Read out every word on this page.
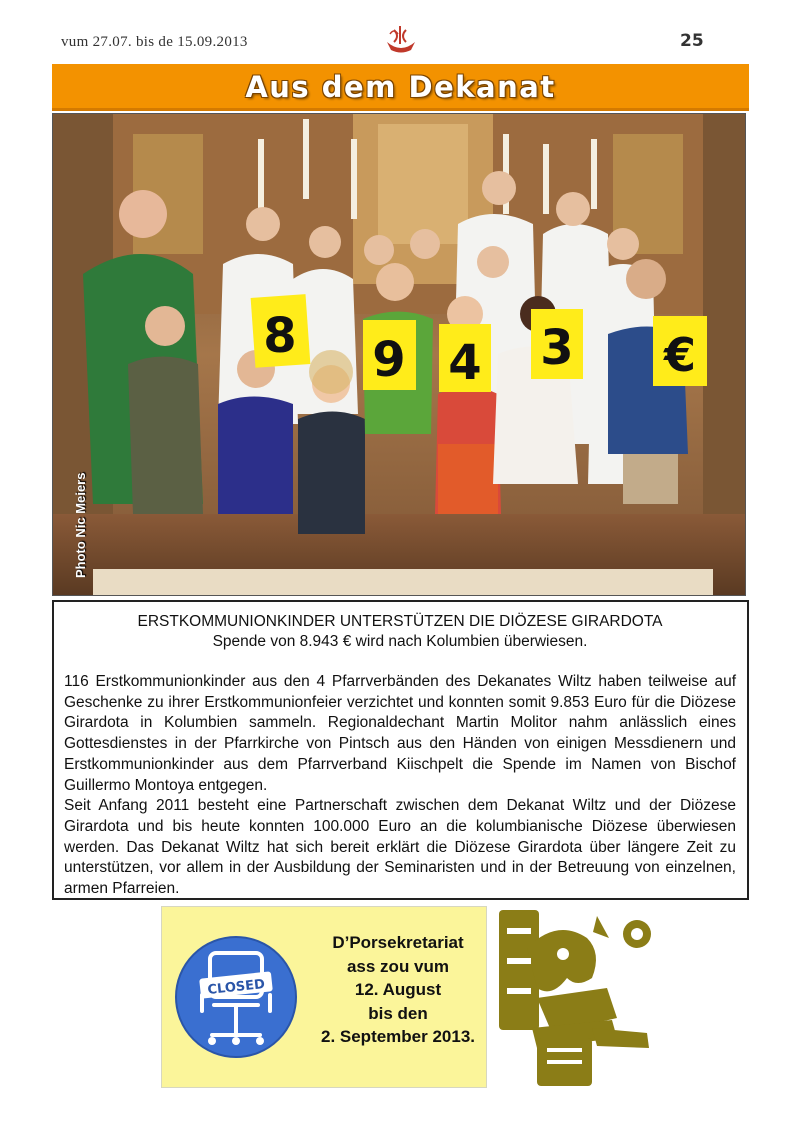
vum 27.07. bis de 15.09.2013	25
Aus dem Dekanat
8 9 4 3 €
Photo Nic Meiers
ERSTKOMMUNIONKINDER UNTERSTÜTZEN DIE DIÖZESE GIRARDOTA
Spende von 8.943 € wird nach Kolumbien überwiesen.

116 Erstkommunionkinder aus den 4 Pfarrverbänden des Dekanates Wiltz haben teilweise auf Geschenke zu ihrer Erstkommunionfeier verzichtet und konnten somit 9.853 Euro für die Diözese Girardota in Kolumbien sammeln. Regionaldechant Martin Molitor nahm anlässlich eines Gottesdienstes in der Pfarrkirche von Pintsch aus den Händen von einigen Messdienern und Erstkommunionkinder aus dem Pfarrverband Kiischpelt die Spende im Namen von Bischof Guillermo Montoya entgegen.

Seit Anfang 2011 besteht eine Partnerschaft zwischen dem Dekanat Wiltz und der Diözese Girardota und bis heute konnten 100.000 Euro an die kolumbianische Diözese überwiesen werden. Das Dekanat Wiltz hat sich bereit erklärt die Diözese Girardota über längere Zeit zu unterstützen, vor allem in der Ausbildung der Seminaristen und in der Betreuung von einzelnen, armen Pfarreien.

CLOSED
D’Porsekretariat
ass zou vum
12. August
bis den
2. September 2013.
